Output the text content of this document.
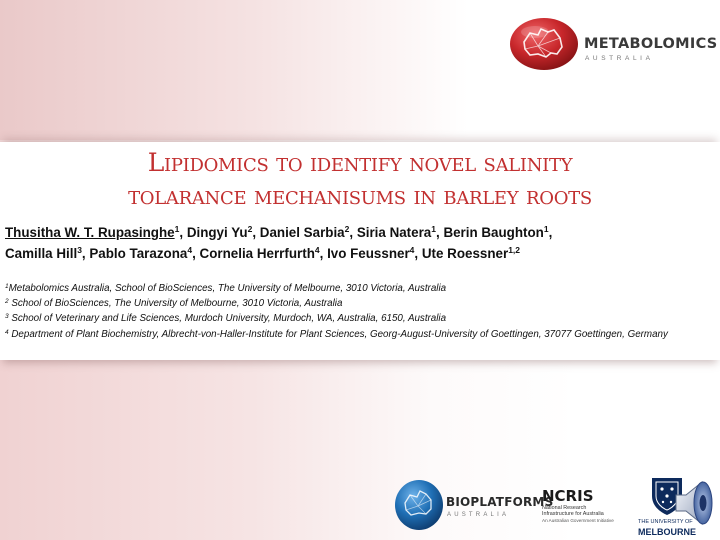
METABOLOMICS
AUSTRALIA
Lipidomics to identify novel salinity
tolarance mechanisums in barley roots
Thusitha W. T. Rupasinghe$^1$, Dingyi Yu$^2$, Daniel Sarbia$^2$, Siria Natera$^1$, Berin Baughton$^1$,
Camilla Hill$^3$, Pablo Tarazona$^4$, Cornelia Herrfurth$^4$, Ivo Feussner$^4$, Ute Roessner$^{1,2}$
$^1$Metabolomics Australia, School of BioSciences, The University of Melbourne, 3010 Victoria, Australia
$^2$ School of BioSciences, The University of Melbourne, 3010 Victoria, Australia
$^3$ School of Veterinary and Life Sciences, Murdoch University, Murdoch, WA, Australia, 6150, Australia
$^4$ Department of Plant Biochemistry, Albrecht-von-Haller-Institute for Plant Sciences, Georg-August-University of Goettingen, 37077 Goettingen, Germany
BIOPLATFORMS
AUSTRALIA
NCRIS
National Research
Infrastructure for Australia
An Australian Government Initiative	THE UNIVERSITY OF
MELBOURNE
